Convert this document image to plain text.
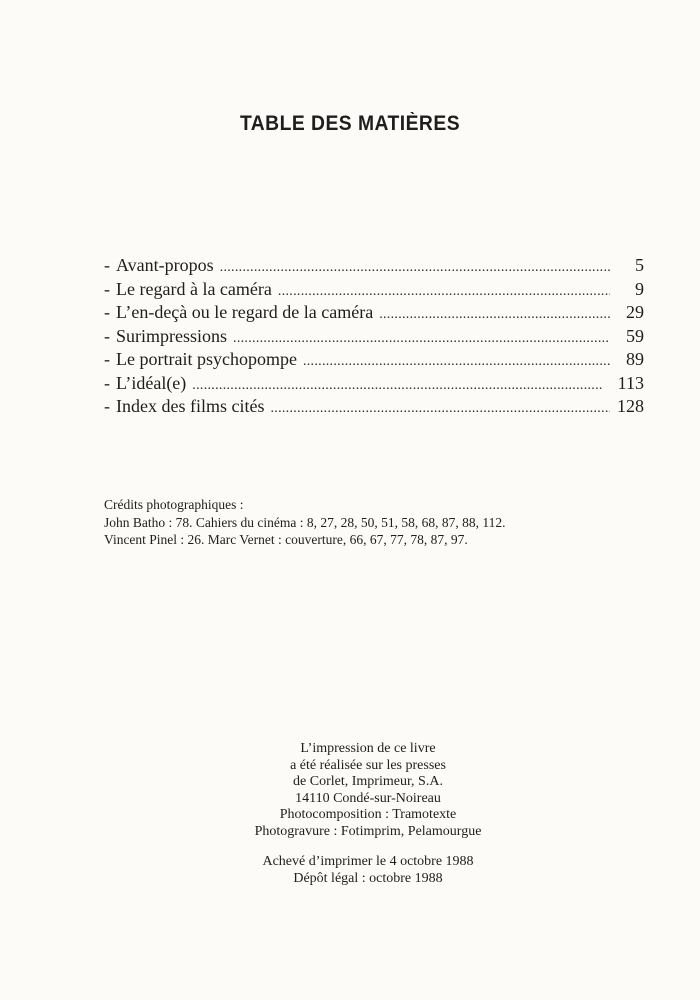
TABLE DES MATIÈRES
- Avant-propos . . .	5
- Le regard à la caméra . . .	9
- L’en-deçà ou le regard de la caméra . . .	29
- Surimpressions . . .	59
- Le portrait psychopompe . . .	89
- L’idéal(e) . . .	113
- Index des films cités . . .	128
Crédits photographiques :
John Batho : 78. Cahiers du cinéma : 8, 27, 28, 50, 51, 58, 68, 87, 88, 112.
Vincent Pinel : 26. Marc Vernet : couverture, 66, 67, 77, 78, 87, 97.
L’impression de ce livre
a été réalisée sur les presses
de Corlet, Imprimeur, S.A.
14110 Condé-sur-Noireau
Photocomposition : Tramotexte
Photogravure : Fotimprim, Pelamourgue
Achevé d’imprimer le 4 octobre 1988
Dépôt légal : octobre 1988
